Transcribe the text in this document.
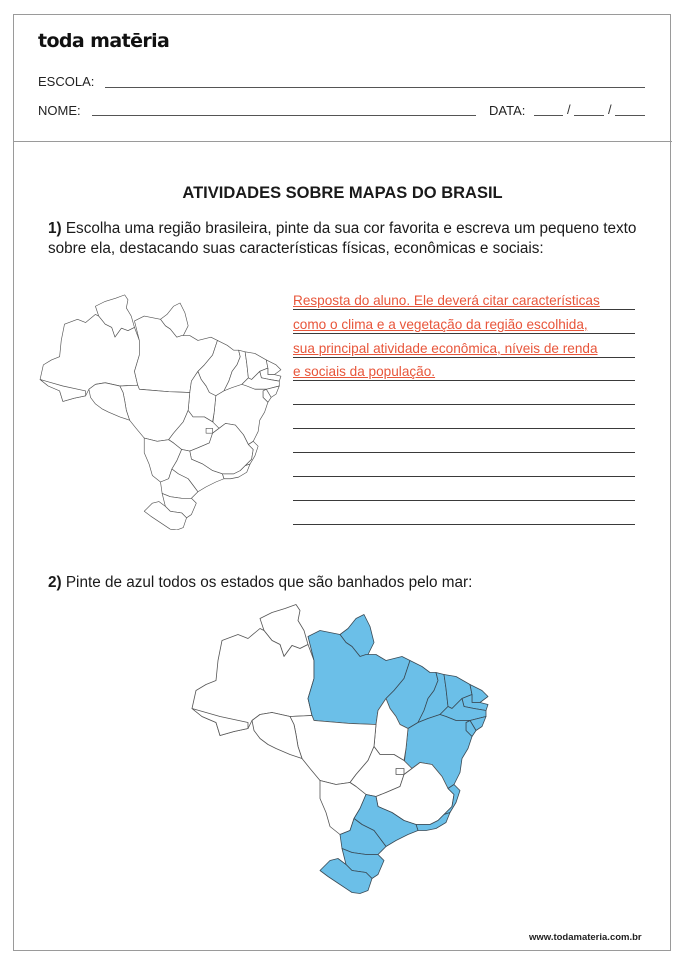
toda matēria
ESCOLA:
NOME:	DATA:	/	/
ATIVIDADES SOBRE MAPAS DO BRASIL
1) Escolha uma região brasileira, pinte da sua cor favorita e escreva um pequeno texto sobre ela, destacando suas características físicas, econômicas e sociais:
Resposta do aluno. Ele deverá citar características
como o clima e a vegetação da região escolhida,
sua principal atividade econômica, níveis de renda
e sociais da população.
2) Pinte de azul todos os estados que são banhados pelo mar:
www.todamateria.com.br
